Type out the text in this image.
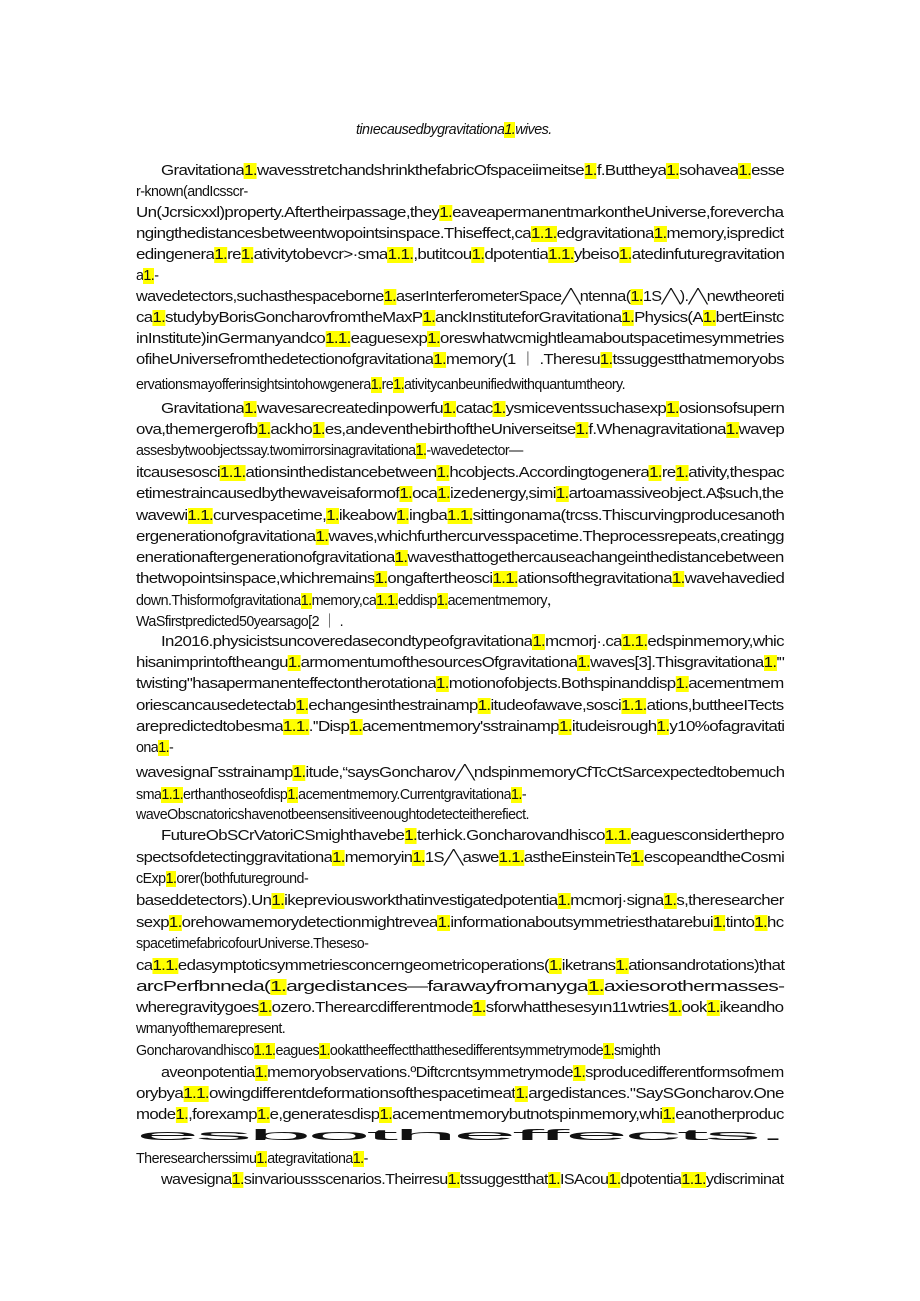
tinıecausedbygravitationa1.wives.
Gravitationa1.wavesstretchandshrinkthefabricOfspaceiimeitse1.f.Buttheya1.sohavea1.esse
r-known(andIcsscr-
Un(Jcrsicxxl)property.Aftertheirpassage,they1.eaveapermanentmarkontheUniverse,forevercha
ngingthedistancesbetweentwopointsinspace.Thiseffect,ca1.1.edgravitationa1.memory,ispredict
edingenera1.re1.ativitytobevcr>·sma1.1.,butitcou1.dpotentia1.1.ybeiso1.atedinfuturegravitation
a1.-
wavedetectors,suchasthespaceborne1.aserInterferometerSpace╱╲ntenna(1.1S╱╲).╱╲newtheoreti
ca1.studybyBorisGoncharovfromtheMaxP1.anckInstituteforGravitationa1.Physics(A1.bertEinstc
inInstitute)inGermanyandco1.1.eaguesexp1.oreswhatwcmightleamaboutspacetimesymmetries
ofiheUniversefromthedetectionofgravitationa1.memory(1 ｜ .Theresu1.tssuggestthatmemoryobs
ervationsmayofferinsightsintohowgenera1.re1.ativitycanbeunifiedwithquantumtheory.
Gravitationa1.wavesarecreatedinpowerfu1.catac1.ysmiceventssuchasexp1.osionsofsupern
ova,themergerofb1.ackho1.es,andeventhebirthoftheUniverseitse1.f.Whenagravitationa1.wavep
assesbytwoobjectssay.twomirrorsinagravitationa1.-wavedetector—
itcausesosci1.1.ationsinthedistancebetween1.hcobjects.Accordingtogenera1.re1.ativity,thespac
etimestraincausedbythewaveisaformof1.oca1.izedenergy,simi1.artoamassiveobject.A$such,the
wavewi1.1.curvespacetime,1.ikeabow1.ingba1.1.sittingonama(trcss.Thiscurvingproducesanoth
ergenerationofgravitationa1.waves,whichfurthercurvesspacetime.Theprocessrepeats,creatingg
enerationaftergenerationofgravitationa1.wavesthattogethercauseachangeinthedistancebetween
thetwopointsinspace,whichremains1.ongaftertheosci1.1.ationsofthegravitationa1.wavehavedied
down.Thisformofgravitationa1.memory,ca1.1.eddisp1.acementmemory，
WaSfirstpredicted50yearsago[2 ｜ .
In2016.physicistsuncoveredasecondtypeofgravitationa1.mcmorj·.ca1.1.edspinmemory,whic
hisanimprintoftheangu1.armomentumofthesourcesOfgravitationa1.waves[3].Thisgravitationa1.'"
twisting"hasapermanenteffectontherotationa1.motionofobjects.Bothspinanddisp1.acementmem
oriescancausedetectab1.echangesinthestrainamp1.itudeofawave,sosci1.1.ations,buttheeITects
arepredictedtobesma1.1..''Disp1.acementmemory'sstrainamp1.itudeisrough1.y10%ofagravitati
ona1.-
wavesignaΓsstrainamp1.itude,“saysGoncharov╱╲ndspinmemoryCfTcCtSarcexpectedtobemuch
sma1.1.erthanthoseofdisp1.acementmemory.Currentgravitationa1.-
waveObscnatoricshavenotbeensensitiveenoughtodetecteitherefiect.
FutureObSCrVatoriCSmighthavebe1.terhick.Goncharovandhisco1.1.eaguesconsiderthepro
spectsofdetectinggravitationa1.memoryin1.1S╱╲aswe1.1.astheEinsteinTe1.escopeandtheCosmi
cExp1.orer(bothfutureground-
baseddetectors).Un1.ikepreviousworkthatinvestigatedpotentia1.mcmorj·signa1.s,theresearcher
sexp1.orehowamemorydetectionmightrevea1.informationaboutsymmetriesthatarebui1.tinto1.hc
spacetimefabricofourUniverse.Theseso-
ca1.1.edasymptoticsymmetriesconcerngeometricoperations(1.iketrans1.ationsandrotations)that
arcPerfbnneda(1.argedistances—farawayfromanyga1.axiesorothermasses-
wheregravitygoes1.ozero.Therearcdifferentmode1.sforwhatthesesyın11wtries1.ook1.ikeandho
wmanyofthemarepresent.
Goncharovandhisco1.1.eagues1.ookattheeffectthatthesedifferentsymmetrymode1.smighth
aveonpotentia1.memoryobservations.ºDiftcrcntsymmetrymode1.sproducedifferentformsofmem
orybya1.1.owingdifferentdeformationsofthespacetimeat1.argedistances."SaySGoncharov.One
mode1.,forexamp1.e,generatesdisp1.acementmemorybutnotspinmemory,whi1.eanotherproduc
esbotheffects.
Theresearcherssimu1.ategravitationa1.-
wavesigna1.sinvarioussscenarios.Theirresu1.tssuggestthat1.ISAcou1.dpotentia1.1.ydiscriminat
